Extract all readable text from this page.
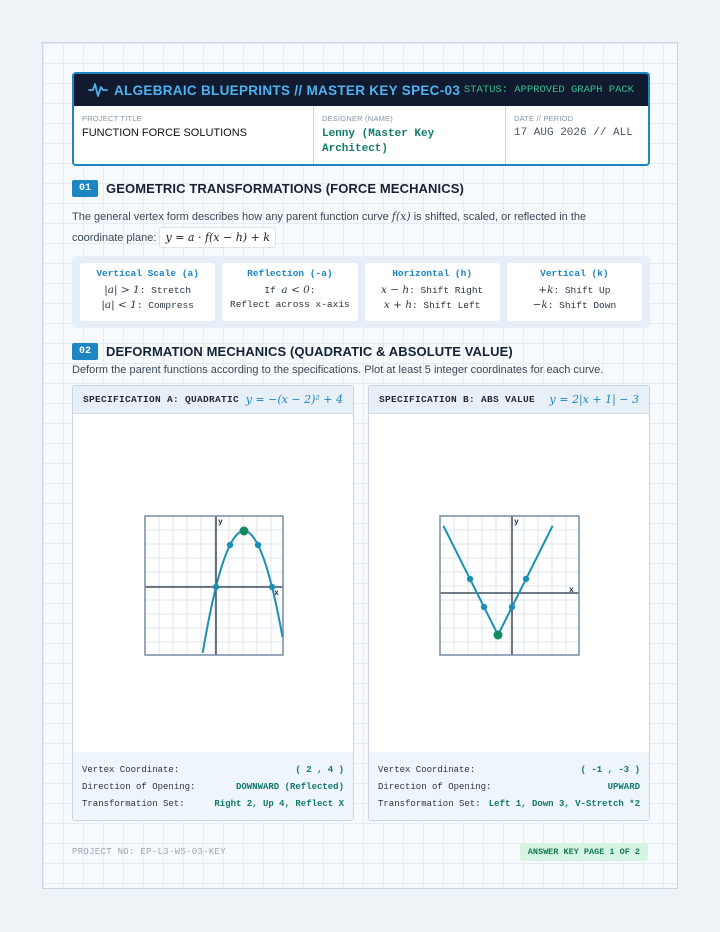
ALGEBRAIC BLUEPRINTS // MASTER KEY SPEC-03 STATUS: APPROVED GRAPH PACK
PROJECT TITLE
FUNCTION FORCE SOLUTIONS
DESIGNER (NAME)
Lenny (Master Key Architect)
DATE // PERIOD
17 AUG 2026 // ALL
01	GEOMETRIC TRANSFORMATIONS (FORCE MECHANICS)
The general vertex form describes how any parent function curve f(x) is shifted, scaled, or reflected in the coordinate plane: y = a · f(x − h) + k
Vertical Scale (a)
|a| > 1: Stretch
|a| < 1: Compress
Reflection (-a)
If a < 0:
Reflect across x-axis
Horizontal (h)
x − h: Shift Right
x + h: Shift Left
Vertical (k)
+k: Shift Up
−k: Shift Down
02	DEFORMATION MECHANICS (QUADRATIC & ABSOLUTE VALUE)
Deform the parent functions according to the specifications. Plot at least 5 integer coordinates for each curve.
SPECIFICATION A: QUADRATIC y = −(x − 2)² + 4
x
y
Vertex Coordinate:	( 2 , 4 )
Direction of Opening:	DOWNWARD (Reflected)
Transformation Set:	Right 2, Up 4, Reflect X
SPECIFICATION B: ABS VALUE y = 2|x + 1| − 3
x
y
Vertex Coordinate:	( -1 , -3 )
Direction of Opening:	UPWARD
Transformation Set: Left 1, Down 3, V-Stretch *2
PROJECT NO: EP-L3-WS-03-KEY	ANSWER KEY PAGE 1 OF 2
